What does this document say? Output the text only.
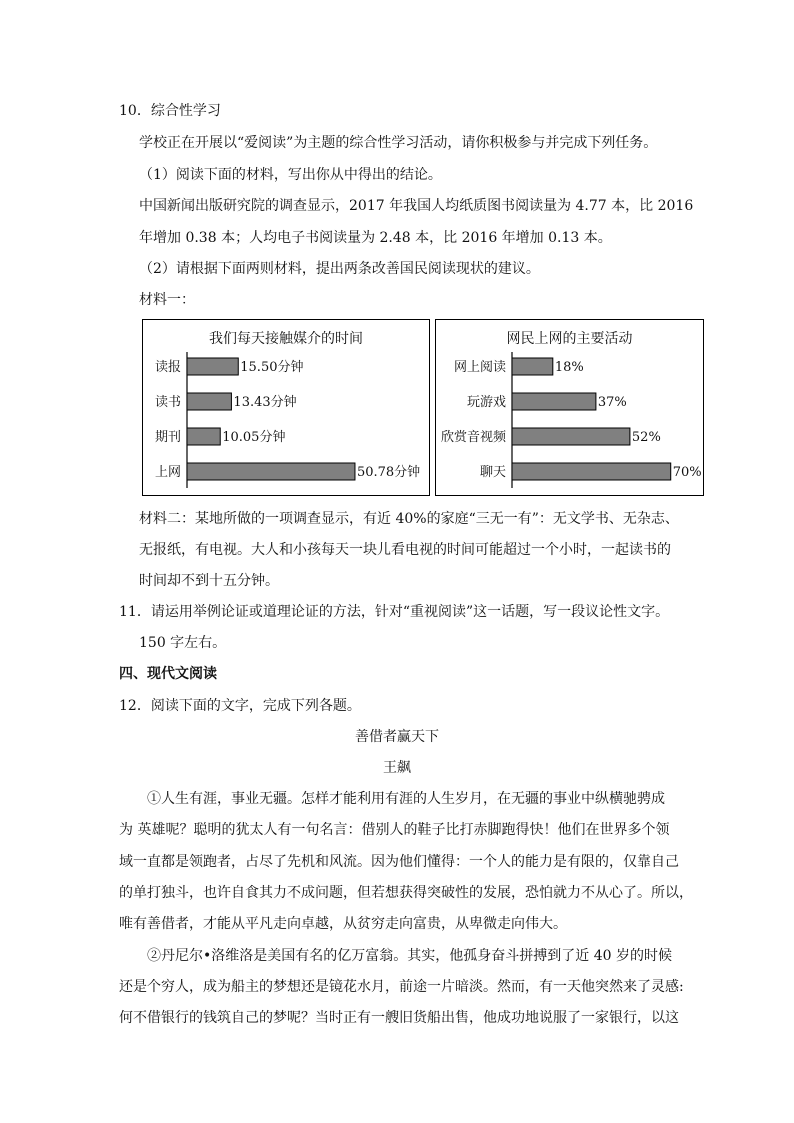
10．综合性学习
学校正在开展以“爱阅读”为主题的综合性学习活动，请你积极参与并完成下列任务。
（1）阅读下面的材料，写出你从中得出的结论。
中国新闻出版研究院的调查显示，2017 年我国人均纸质图书阅读量为 4.77 本，比 2016
年增加 0.38 本；人均电子书阅读量为 2.48 本，比 2016 年增加 0.13 本。
（2）请根据下面两则材料，提出两条改善国民阅读现状的建议。
材料一：
我们每天接触媒介的时间
读报	15.50分钟
读书	13.43分钟
期刊	10.05分钟
上网	50.78分钟
网民上网的主要活动
网上阅读	18%
玩游戏	37%
欣赏音视频	52%
聊天	70%
材料二：某地所做的一项调查显示，有近 40%的家庭“三无一有”：无文学书、无杂志、
无报纸，有电视。大人和小孩每天一块儿看电视的时间可能超过一个小时，一起读书的
时间却不到十五分钟。
11．请运用举例论证或道理论证的方法，针对“重视阅读”这一话题，写一段议论性文字。
150 字左右。
四、现代文阅读
12．阅读下面的文字，完成下列各题。
善借者赢天下
王飙
①人生有涯，事业无疆。怎样才能利用有涯的人生岁月，在无疆的事业中纵横驰骋成
为 英雄呢？聪明的犹太人有一句名言：借别人的鞋子比打赤脚跑得快！他们在世界多个领
域一直都是领跑者，占尽了先机和风流。因为他们懂得：一个人的能力是有限的，仅靠自己
的单打独斗，也许自食其力不成问题，但若想获得突破性的发展，恐怕就力不从心了。所以，
唯有善借者，才能从平凡走向卓越，从贫穷走向富贵，从卑微走向伟大。
②丹尼尔•洛维洛是美国有名的亿万富翁。其实，他孤身奋斗拼搏到了近 40 岁的时候
还是个穷人，成为船主的梦想还是镜花水月，前途一片暗淡。然而，有一天他突然来了灵感:
何不借银行的钱筑自己的梦呢？当时正有一艘旧货船出售，他成功地说服了一家银行，以这
